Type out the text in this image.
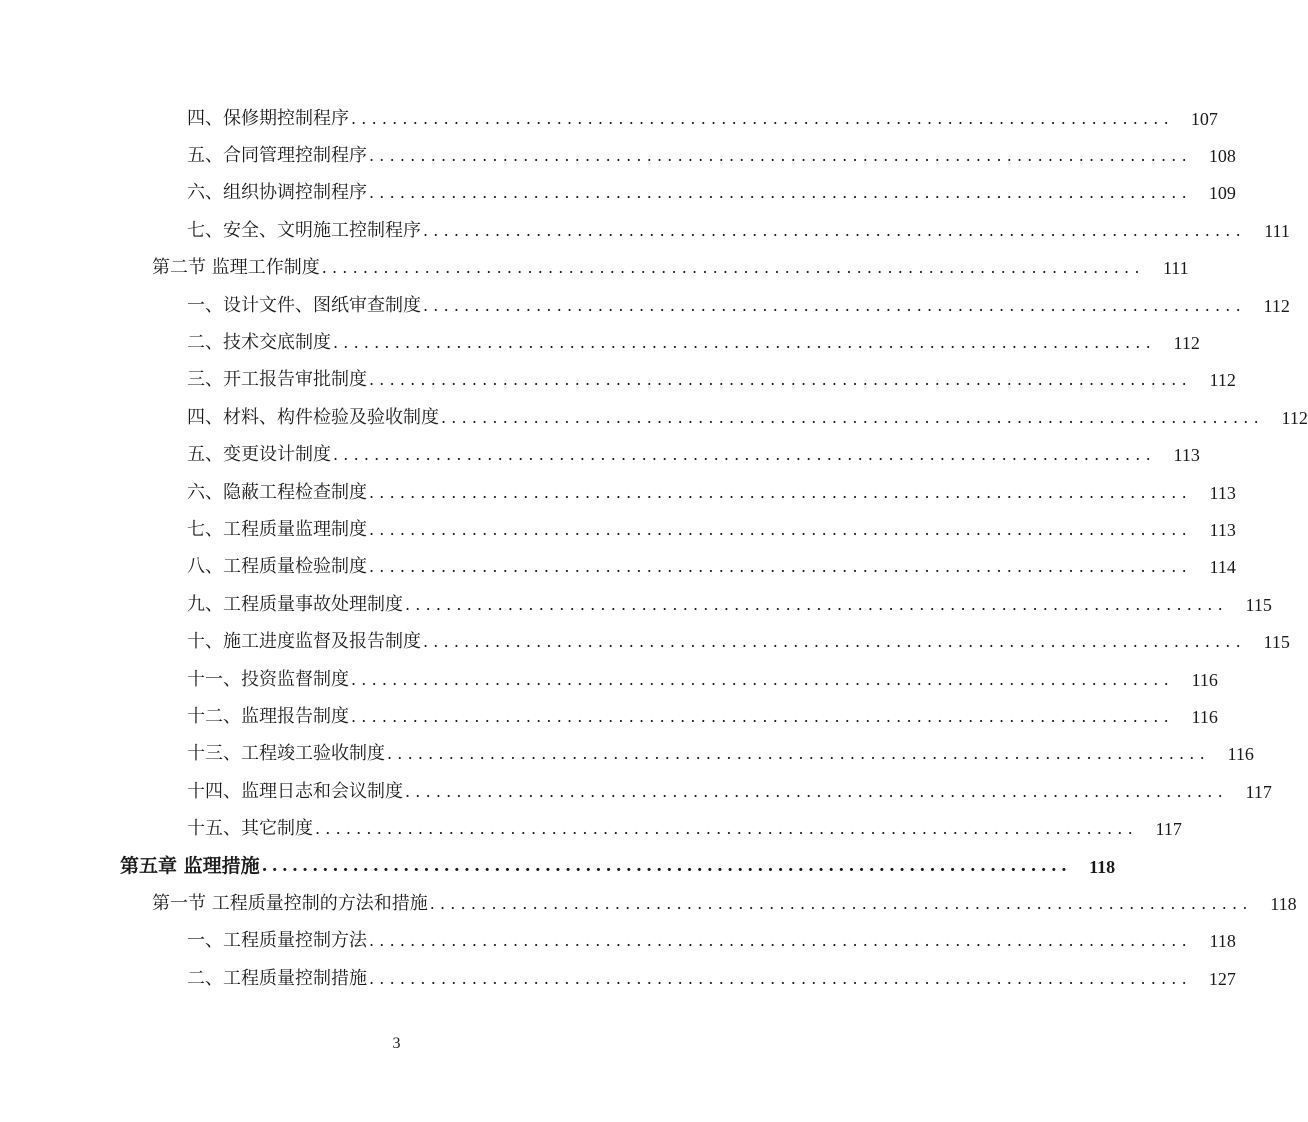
四、保修期控制程序 ................................................................................ 107
五、合同管理控制程序 ................................................................................ 108
六、组织协调控制程序 ................................................................................ 109
七、安全、文明施工控制程序 ................................................................................	111
第二节 监理工作制度 ................................................................................	111
一、设计文件、图纸审查制度 ................................................................................ 112
二、技术交底制度 ................................................................................ 112
三、开工报告审批制度 ................................................................................ 112
四、材料、构件检验及验收制度 ................................................................................ 112
五、变更设计制度 ................................................................................ 113
六、隐蔽工程检查制度 ................................................................................ 113
七、工程质量监理制度 ................................................................................ 113
八、工程质量检验制度 ................................................................................ 114
九、工程质量事故处理制度 ................................................................................ 115
十、施工进度监督及报告制度 ................................................................................ 115
十一、投资监督制度 ................................................................................ 116
十二、监理报告制度 ................................................................................ 116
十三、工程竣工验收制度 ................................................................................ 116
十四、监理日志和会议制度 ................................................................................ 117
十五、其它制度 ................................................................................ 117
第五章 监理措施 ................................................................................ 118
第一节 工程质量控制的方法和措施 ................................................................................ 118
一、工程质量控制方法 ................................................................................ 118
二、工程质量控制措施 ................................................................................ 127
3
